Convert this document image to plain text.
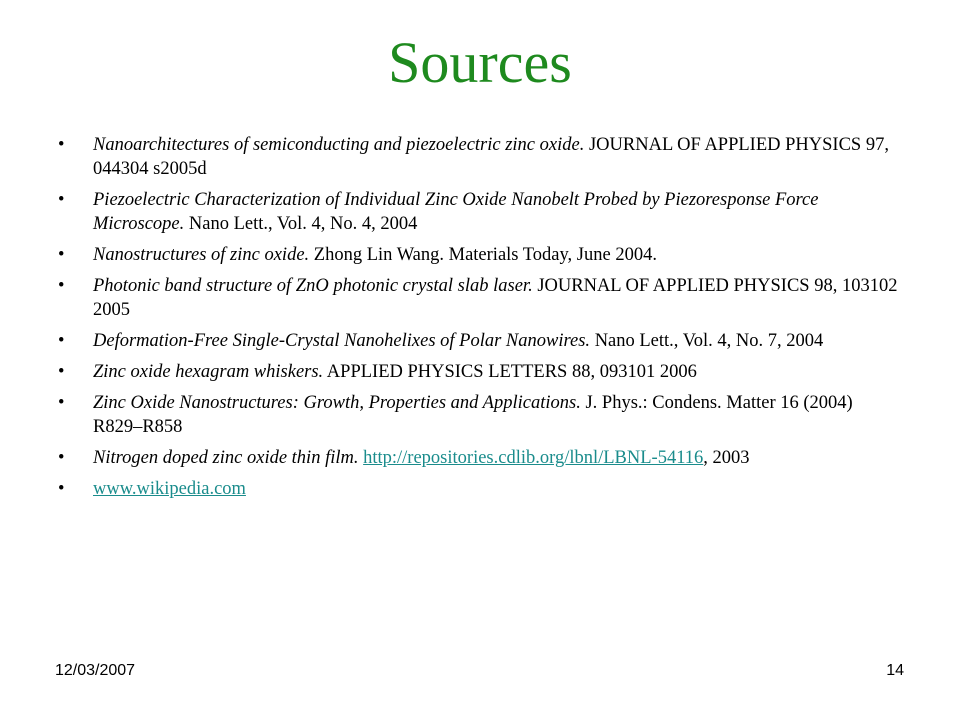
Sources
• Nanoarchitectures of semiconducting and piezoelectric zinc oxide. JOURNAL OF APPLIED PHYSICS 97, 044304 s2005d
• Piezoelectric Characterization of Individual Zinc Oxide Nanobelt Probed by Piezoresponse Force Microscope. Nano Lett., Vol. 4, No. 4, 2004
• Nanostructures of zinc oxide. Zhong Lin Wang. Materials Today, June 2004.
• Photonic band structure of ZnO photonic crystal slab laser. JOURNAL OF APPLIED PHYSICS 98, 103102 2005
• Deformation-Free Single-Crystal Nanohelixes of Polar Nanowires. Nano Lett., Vol. 4, No. 7, 2004
• Zinc oxide hexagram whiskers. APPLIED PHYSICS LETTERS 88, 093101 2006
• Zinc Oxide Nanostructures: Growth, Properties and Applications. J. Phys.: Condens. Matter 16 (2004) R829–R858
• Nitrogen doped zinc oxide thin film. http://repositories.cdlib.org/lbnl/LBNL-54116, 2003
• www.wikipedia.com
12/03/2007	14
